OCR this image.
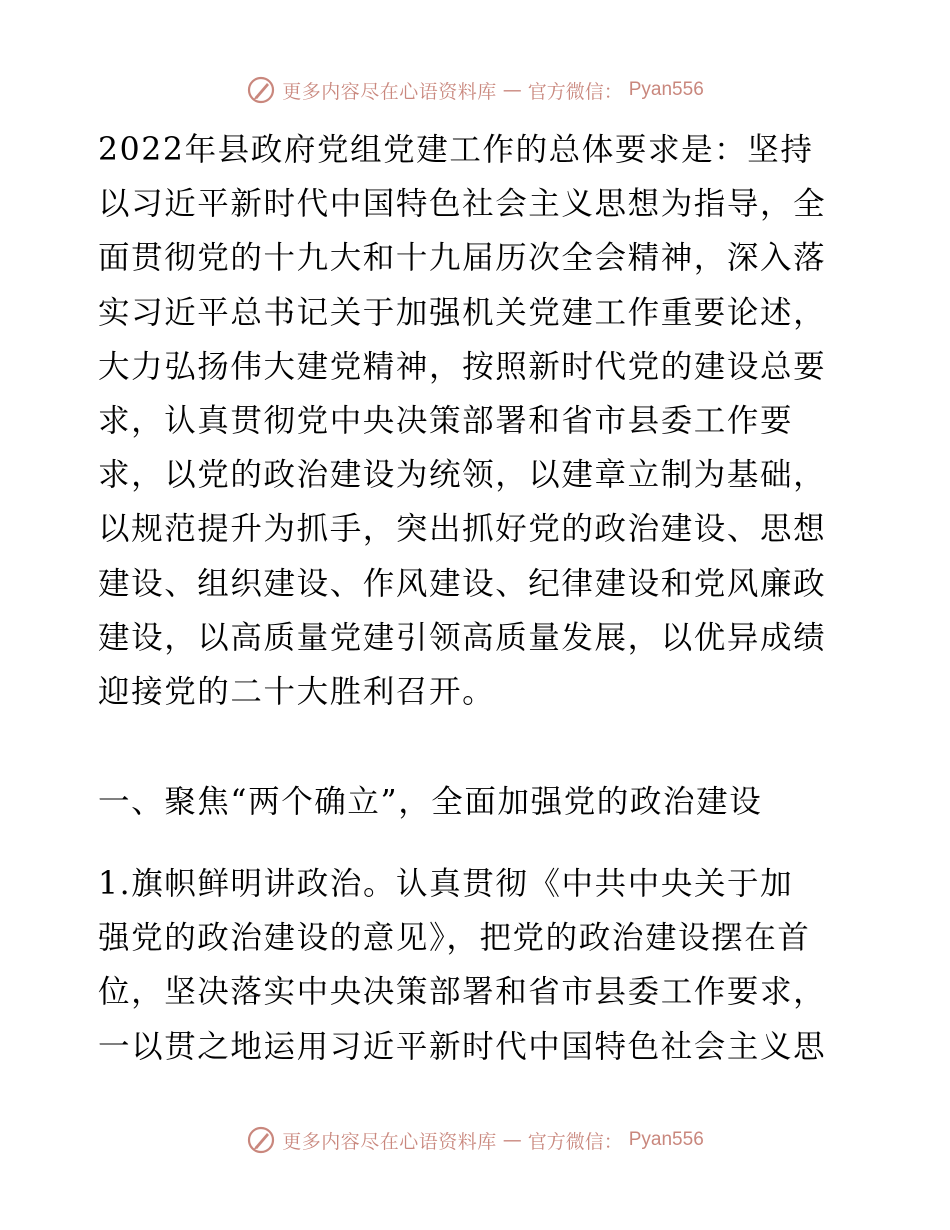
更多内容尽在心语资料库 — 官方微信： Pyan556

2022年县政府党组党建工作的总体要求是：坚持
以习近平新时代中国特色社会主义思想为指导，全
面贯彻党的十九大和十九届历次全会精神，深入落
实习近平总书记关于加强机关党建工作重要论述，
大力弘扬伟大建党精神，按照新时代党的建设总要
求，认真贯彻党中央决策部署和省市县委工作要
求，以党的政治建设为统领，以建章立制为基础，
以规范提升为抓手，突出抓好党的政治建设、思想
建设、组织建设、作风建设、纪律建设和党风廉政
建设，以高质量党建引领高质量发展，以优异成绩
迎接党的二十大胜利召开。

一、聚焦“两个确立”，全面加强党的政治建设

1.旗帜鲜明讲政治。认真贯彻《中共中央关于加
强党的政治建设的意见》，把党的政治建设摆在首
位，坚决落实中央决策部署和省市县委工作要求，
一以贯之地运用习近平新时代中国特色社会主义思

更多内容尽在心语资料库 — 官方微信： Pyan556
